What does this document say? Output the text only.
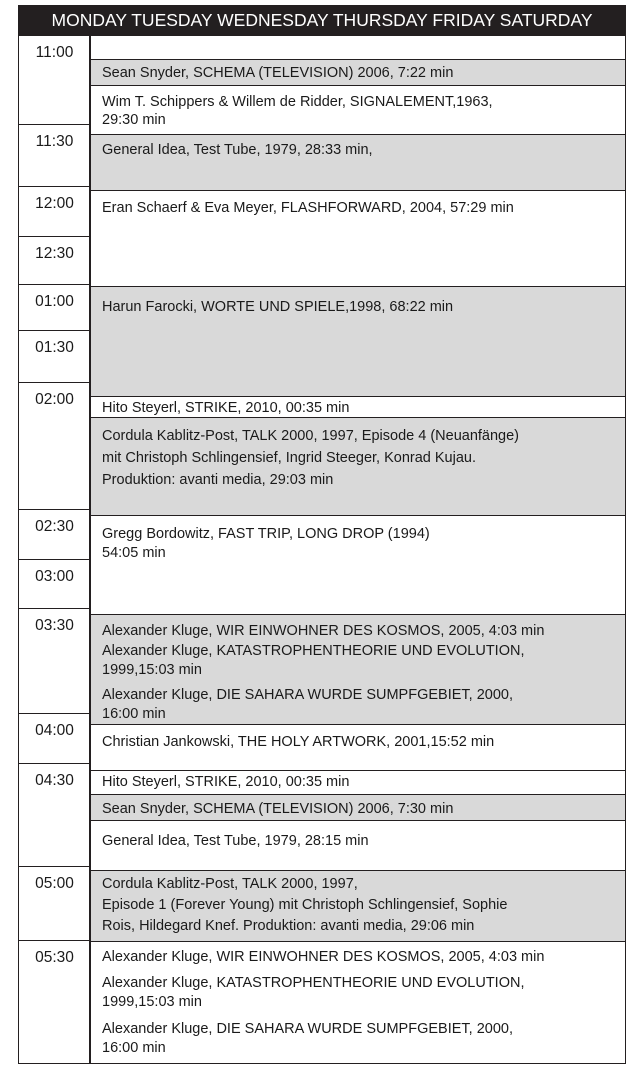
MONDAY TUESDAY WEDNESDAY THURSDAY FRIDAY SATURDAY
11:00
11:30
12:00
12:30
01:00
01:30
02:00
02:30
03:00
03:30
04:00
04:30
05:00
05:30
Sean Snyder, SCHEMA (TELEVISION) 2006, 7:22 min
Wim T. Schippers & Willem de Ridder, SIGNALEMENT,1963,
29:30 min
General Idea, Test Tube, 1979, 28:33 min,
Eran Schaerf & Eva Meyer, FLASHFORWARD, 2004, 57:29 min
Harun Farocki, WORTE UND SPIELE,1998, 68:22 min
Hito Steyerl, STRIKE, 2010, 00:35 min
Cordula Kablitz-Post, TALK 2000, 1997, Episode 4 (Neuanfänge)
mit Christoph Schlingensief, Ingrid Steeger, Konrad Kujau.
Produktion: avanti media, 29:03 min
Gregg Bordowitz, FAST TRIP, LONG DROP (1994)
54:05 min
Alexander Kluge, WIR EINWOHNER DES KOSMOS, 2005, 4:03 min
Alexander Kluge, KATASTROPHENTHEORIE UND EVOLUTION,
1999,15:03 min
Alexander Kluge, DIE SAHARA WURDE SUMPFGEBIET, 2000,
16:00 min
Christian Jankowski, THE HOLY ARTWORK, 2001,15:52 min
Hito Steyerl, STRIKE, 2010, 00:35 min
Sean Snyder, SCHEMA (TELEVISION) 2006, 7:30 min
General Idea, Test Tube, 1979, 28:15 min
Cordula Kablitz-Post, TALK 2000, 1997,
Episode 1 (Forever Young) mit Christoph Schlingensief, Sophie
Rois, Hildegard Knef. Produktion: avanti media, 29:06 min
Alexander Kluge, WIR EINWOHNER DES KOSMOS, 2005, 4:03 min
Alexander Kluge, KATASTROPHENTHEORIE UND EVOLUTION,
1999,15:03 min
Alexander Kluge, DIE SAHARA WURDE SUMPFGEBIET, 2000,
16:00 min
